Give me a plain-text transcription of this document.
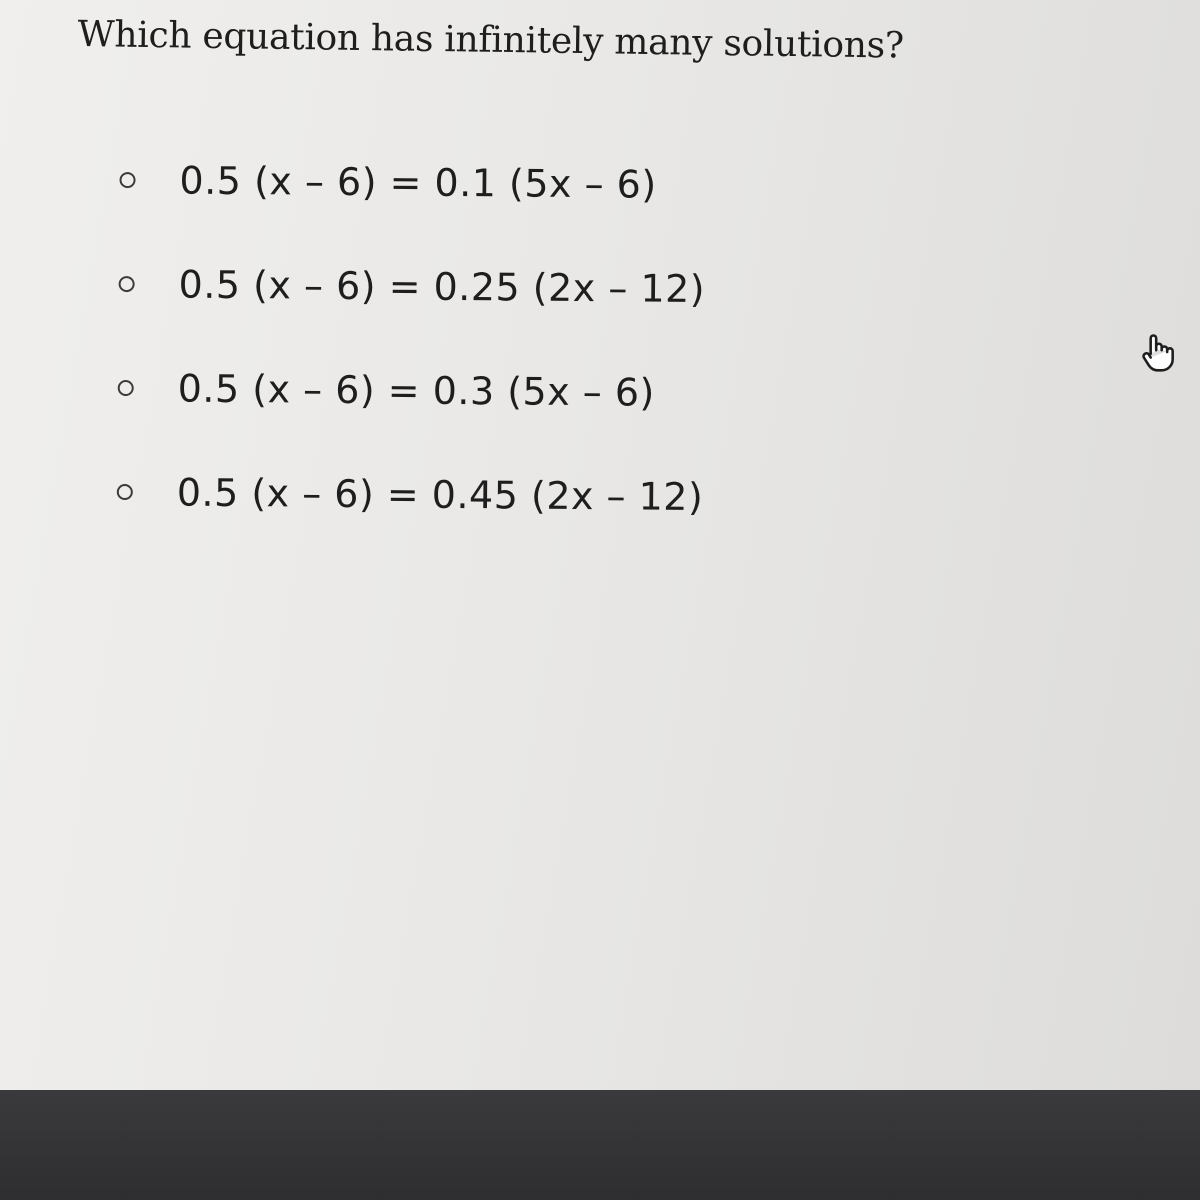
Which equation has infinitely many solutions?
0.5 (x – 6) = 0.1 (5x – 6)
0.5 (x – 6) = 0.25 (2x – 12)
0.5 (x – 6) = 0.3 (5x – 6)
0.5 (x – 6) = 0.45 (2x – 12)
